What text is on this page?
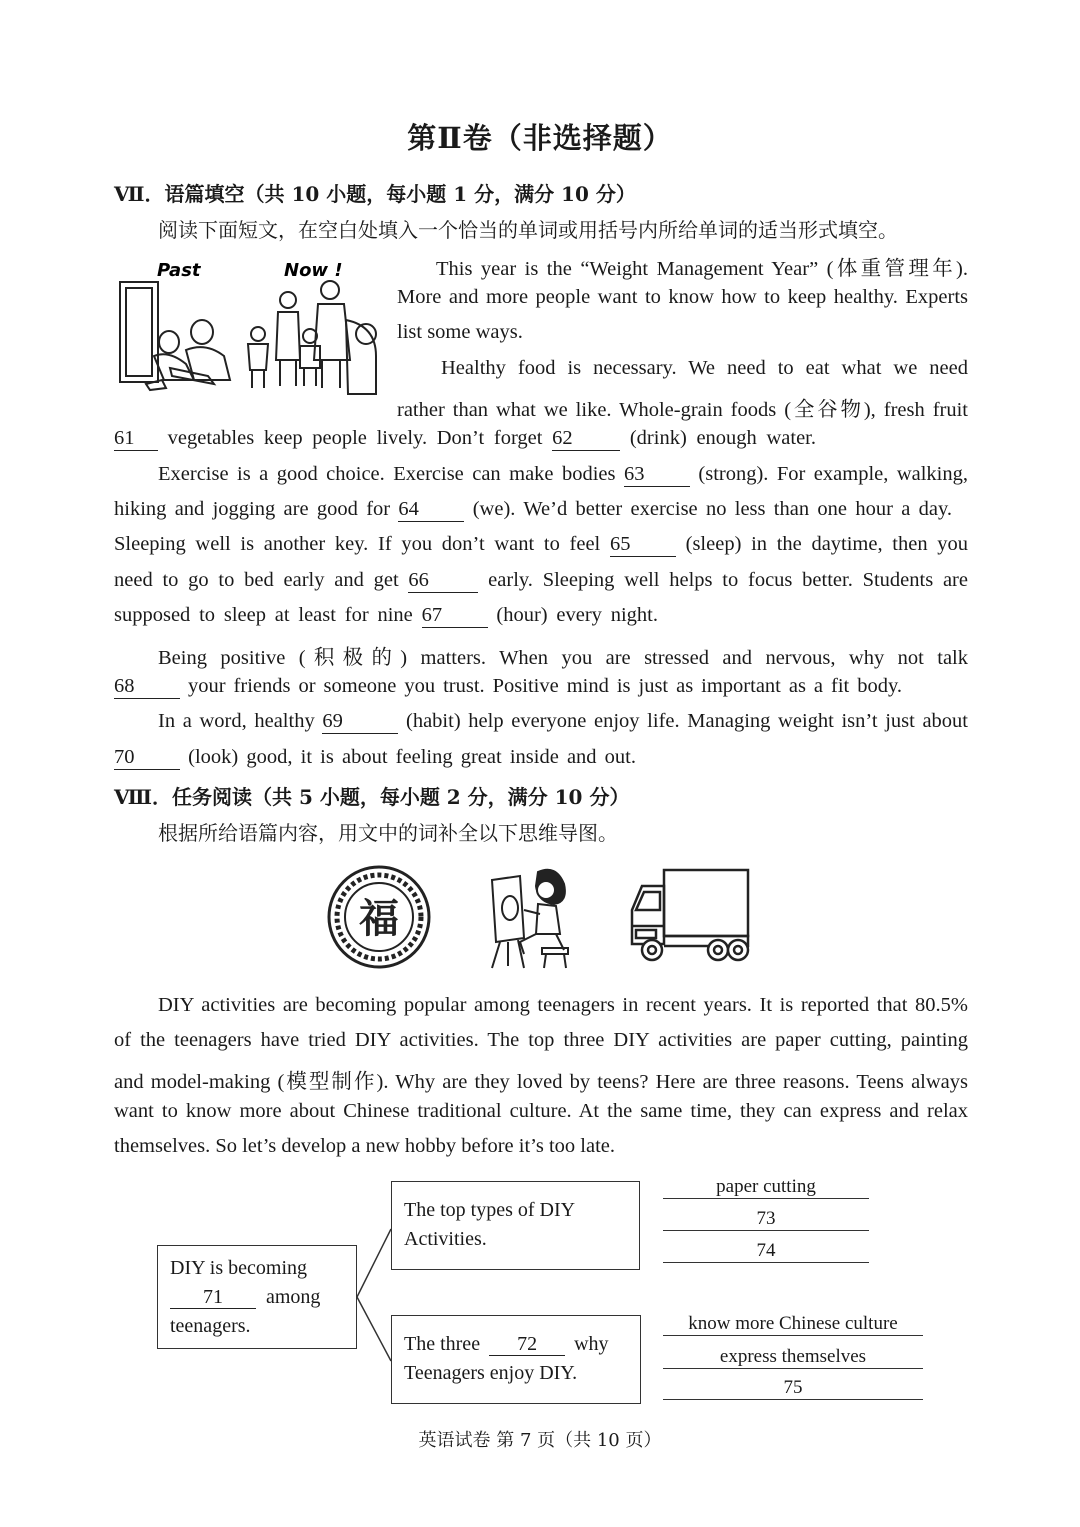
第Ⅱ卷（非选择题）
Ⅶ．语篇填空（共 10 小题，每小题 1 分，满分 10 分）
阅读下面短文，在空白处填入一个恰当的单词或用括号内所给单词的适当形式填空。
Past	Now !	This year is the “Weight Management Year” (体重管理年).
More and more people want to know how to keep healthy. Experts
list some ways.
Healthy food is necessary. We need to eat what we need
rather than what we like. Whole-grain foods (全谷物), fresh fruit
61 vegetables keep people lively. Don’t forget 62 (drink) enough water.
Exercise is a good choice. Exercise can make bodies 63 (strong). For example, walking,
hiking and jogging are good for 64 (we). We’d better exercise no less than one hour a day.
Sleeping well is another key. If you don’t want to feel 65 (sleep) in the daytime, then you
need to go to bed early and get 66 early. Sleeping well helps to focus better. Students are
supposed to sleep at least for nine 67 (hour) every night.
Being positive (积极的) matters. When you are stressed and nervous, why not talk
68 your friends or someone you trust. Positive mind is just as important as a fit body.
In a word, healthy 69	(habit) help everyone enjoy life. Managing weight isn’t just about
70 (look) good, it is about feeling great inside and out.
Ⅷ．任务阅读（共 5 小题，每小题 2 分，满分 10 分）
根据所给语篇内容，用文中的词补全以下思维导图。
福
DIY activities are becoming popular among teenagers in recent years. It is reported that 80.5%
of the teenagers have tried DIY activities. The top three DIY activities are paper cutting, painting
and model-making (模型制作). Why are they loved by teens? Here are three reasons. Teens always
want to know more about Chinese traditional culture. At the same time, they can express and relax
themselves. So let’s develop a new hobby before it’s too late.
DIY is becoming
71 among
teenagers.
The top types of DIY
Activities.
The three 72 why
Teenagers enjoy DIY.
paper cutting
73
74
know more Chinese culture
express themselves
75
英语试卷 第 7 页（共 10 页）
